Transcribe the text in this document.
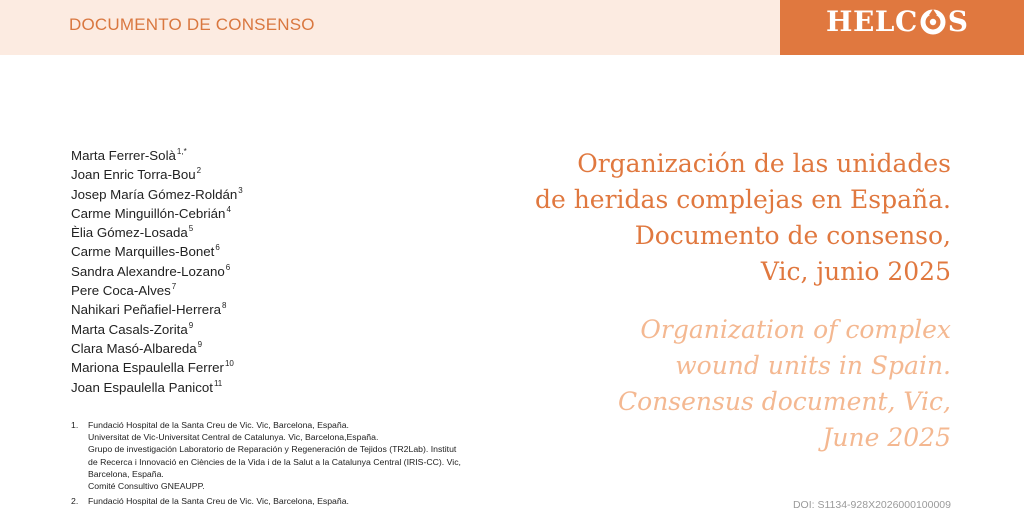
DOCUMENTO DE CONSENSO	HELC S
Marta Ferrer-Solà$^{1,*}$
Joan Enric Torra-Bou$^2$
Josep María Gómez-Roldán$^3$
Carme Minguillón-Cebrián$^4$
Èlia Gómez-Losada$^5$
Carme Marquilles-Bonet$^6$
Sandra Alexandre-Lozano$^6$
Pere Coca-Alves$^7$
Nahikari Peñafiel-Herrera$^8$
Marta Casals-Zorita$^9$
Clara Masó-Albareda$^9$
Mariona Espaulella Ferrer$^{10}$
Joan Espaulella Panicot$^{11}$
1. Fundació Hospital de la Santa Creu de Vic. Vic, Barcelona, España.
Universitat de Vic-Universitat Central de Catalunya. Vic, Barcelona,España.
Grupo de investigación Laboratorio de Reparación y Regeneración de Tejidos (TR2Lab). Institut
de Recerca i Innovació en Ciències de la Vida i de la Salut a la Catalunya Central (IRIS-CC). Vic,
Barcelona, España.
Comité Consultivo GNEAUPP.
2. Fundació Hospital de la Santa Creu de Vic. Vic, Barcelona, España.
Organización de las unidades
de heridas complejas en España.
Documento de consenso,
Vic, junio 2025
Organization of complex
wound units in Spain.
Consensus document, Vic,
June 2025
DOI: S1134-928X2026000100009
